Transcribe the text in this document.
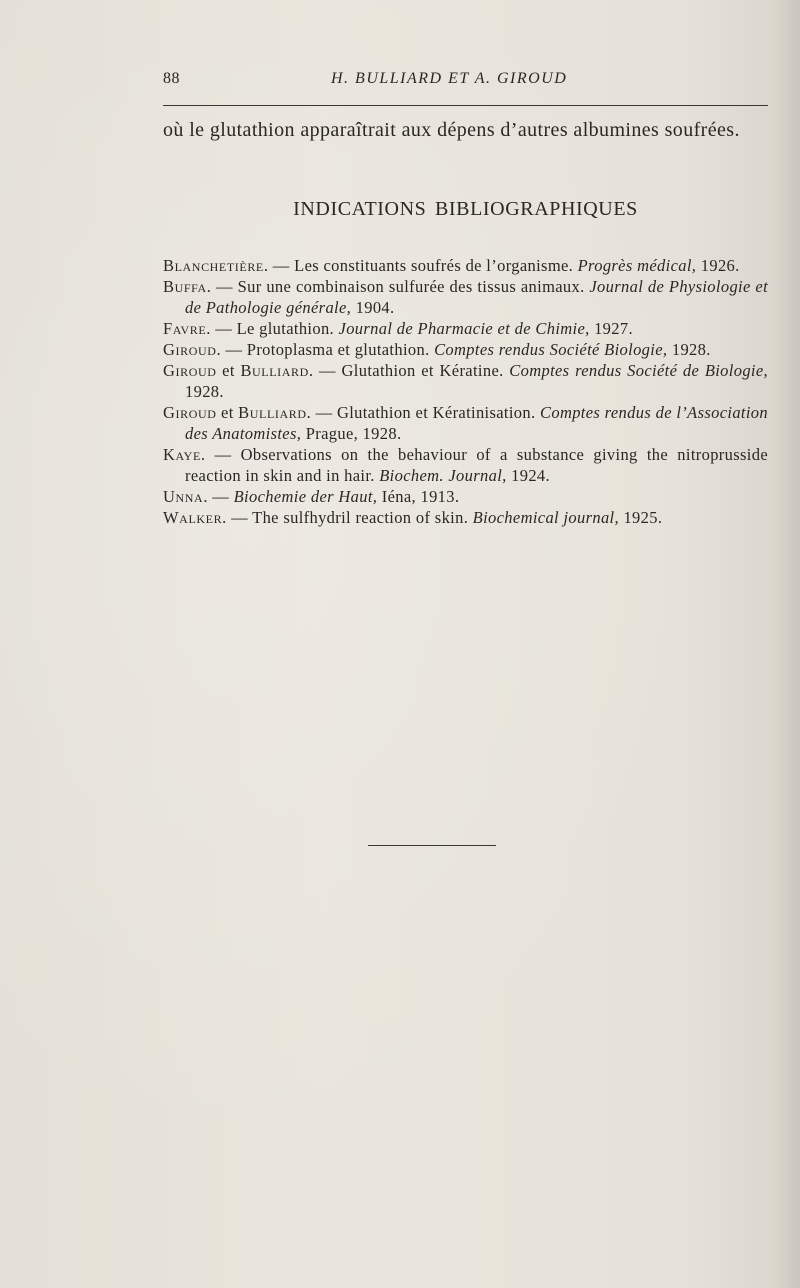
88	H. BULLIARD ET A. GIROUD

où le glutathion apparaîtrait aux dépens d’autres albumines soufrées.

INDICATIONS BIBLIOGRAPHIQUES

Blanchetière. — Les constituants soufrés de l’organisme. Progrès médical, 1926.

Buffa. — Sur une combinaison sulfurée des tissus animaux. Journal de Physiologie et de Pathologie générale, 1904.

Favre. — Le glutathion. Journal de Pharmacie et de Chimie, 1927.

Giroud. — Protoplasma et glutathion. Comptes rendus Société Biologie, 1928.

Giroud et Bulliard. — Glutathion et Kératine. Comptes rendus Société de Biologie, 1928.

Giroud et Bulliard. — Glutathion et Kératinisation. Comptes rendus de l’Association des Anatomistes, Prague, 1928.

Kaye. — Observations on the behaviour of a substance giving the nitroprusside reaction in skin and in hair. Biochem. Journal, 1924.

Unna. — Biochemie der Haut, Iéna, 1913.

Walker. — The sulfhydril reaction of skin. Biochemical journal, 1925.
